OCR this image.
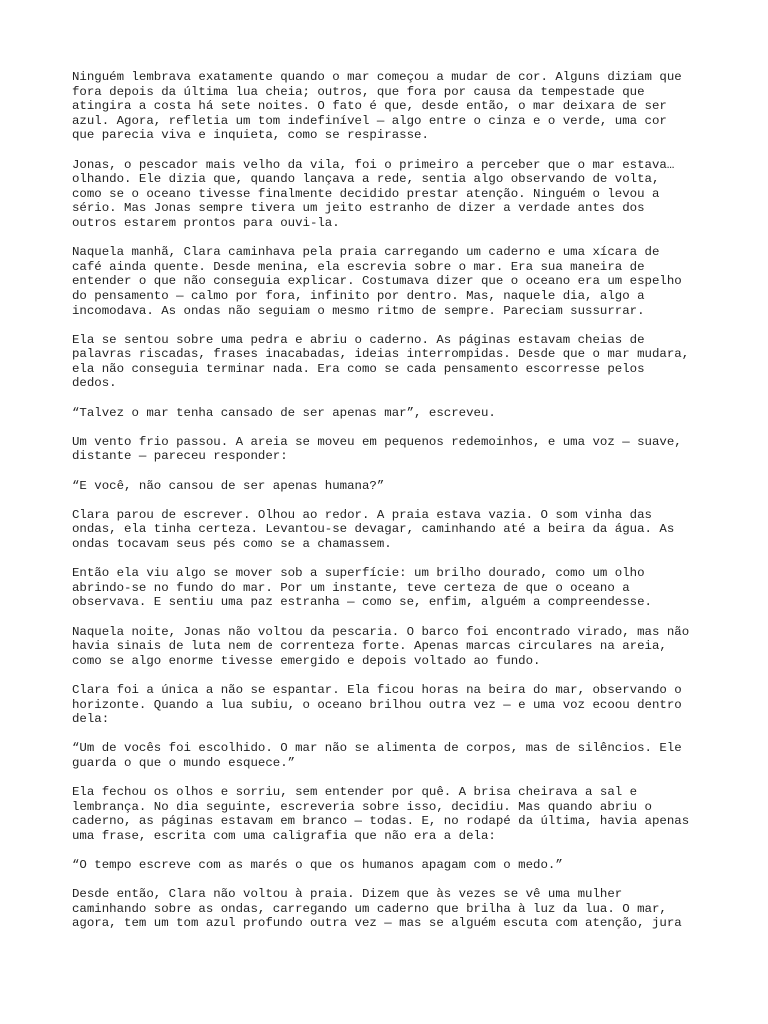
Ninguém lembrava exatamente quando o mar começou a mudar de cor. Alguns diziam que
fora depois da última lua cheia; outros, que fora por causa da tempestade que
atingira a costa há sete noites. O fato é que, desde então, o mar deixara de ser
azul. Agora, refletia um tom indefinível — algo entre o cinza e o verde, uma cor
que parecia viva e inquieta, como se respirasse.

Jonas, o pescador mais velho da vila, foi o primeiro a perceber que o mar estava…
olhando. Ele dizia que, quando lançava a rede, sentia algo observando de volta,
como se o oceano tivesse finalmente decidido prestar atenção. Ninguém o levou a
sério. Mas Jonas sempre tivera um jeito estranho de dizer a verdade antes dos
outros estarem prontos para ouvi-la.

Naquela manhã, Clara caminhava pela praia carregando um caderno e uma xícara de
café ainda quente. Desde menina, ela escrevia sobre o mar. Era sua maneira de
entender o que não conseguia explicar. Costumava dizer que o oceano era um espelho
do pensamento — calmo por fora, infinito por dentro. Mas, naquele dia, algo a
incomodava. As ondas não seguiam o mesmo ritmo de sempre. Pareciam sussurrar.

Ela se sentou sobre uma pedra e abriu o caderno. As páginas estavam cheias de
palavras riscadas, frases inacabadas, ideias interrompidas. Desde que o mar mudara,
ela não conseguia terminar nada. Era como se cada pensamento escorresse pelos
dedos.

“Talvez o mar tenha cansado de ser apenas mar”, escreveu.

Um vento frio passou. A areia se moveu em pequenos redemoinhos, e uma voz — suave,
distante — pareceu responder:

“E você, não cansou de ser apenas humana?”

Clara parou de escrever. Olhou ao redor. A praia estava vazia. O som vinha das
ondas, ela tinha certeza. Levantou-se devagar, caminhando até a beira da água. As
ondas tocavam seus pés como se a chamassem.

Então ela viu algo se mover sob a superfície: um brilho dourado, como um olho
abrindo-se no fundo do mar. Por um instante, teve certeza de que o oceano a
observava. E sentiu uma paz estranha — como se, enfim, alguém a compreendesse.

Naquela noite, Jonas não voltou da pescaria. O barco foi encontrado virado, mas não
havia sinais de luta nem de correnteza forte. Apenas marcas circulares na areia,
como se algo enorme tivesse emergido e depois voltado ao fundo.

Clara foi a única a não se espantar. Ela ficou horas na beira do mar, observando o
horizonte. Quando a lua subiu, o oceano brilhou outra vez — e uma voz ecoou dentro
dela:

“Um de vocês foi escolhido. O mar não se alimenta de corpos, mas de silêncios. Ele
guarda o que o mundo esquece.”

Ela fechou os olhos e sorriu, sem entender por quê. A brisa cheirava a sal e
lembrança. No dia seguinte, escreveria sobre isso, decidiu. Mas quando abriu o
caderno, as páginas estavam em branco — todas. E, no rodapé da última, havia apenas
uma frase, escrita com uma caligrafia que não era a dela:

“O tempo escreve com as marés o que os humanos apagam com o medo.”

Desde então, Clara não voltou à praia. Dizem que às vezes se vê uma mulher
caminhando sobre as ondas, carregando um caderno que brilha à luz da lua. O mar,
agora, tem um tom azul profundo outra vez — mas se alguém escuta com atenção, jura
